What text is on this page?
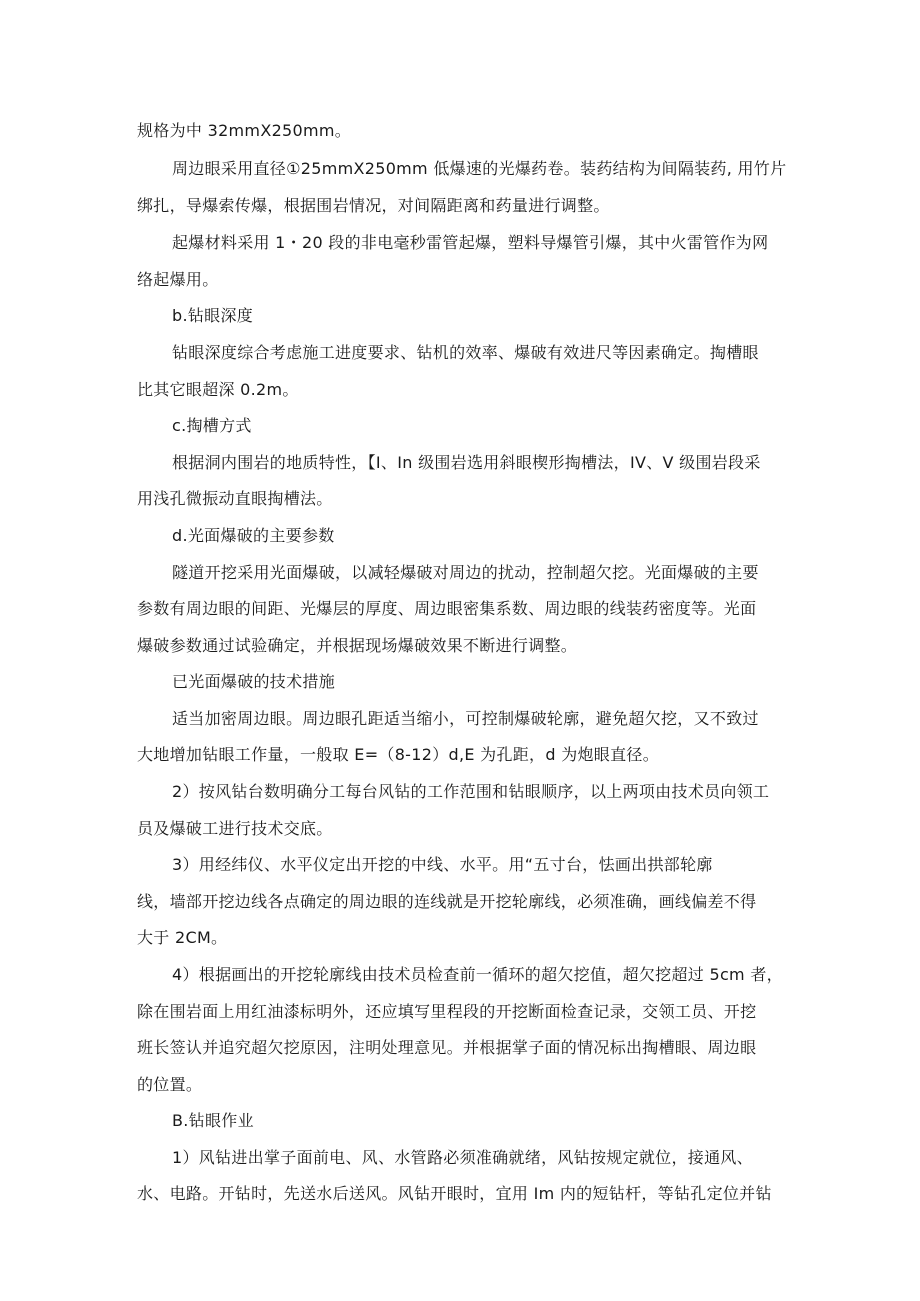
规格为中 32mmX250mm。
周边眼采用直径①25mmX250mm 低爆速的光爆药卷。装药结构为间隔装药, 用竹片
绑扎，导爆索传爆，根据围岩情况，对间隔距离和药量进行调整。
起爆材料采用 1・20 段的非电毫秒雷管起爆，塑料导爆管引爆，其中火雷管作为网
络起爆用。
b.钻眼深度
钻眼深度综合考虑施工进度要求、钻机的效率、爆破有效进尺等因素确定。掏槽眼
比其它眼超深 0.2m。
c.掏槽方式
根据洞内围岩的地质特性，【I、In 级围岩选用斜眼楔形掏槽法，IV、V 级围岩段采
用浅孔微振动直眼掏槽法。
d.光面爆破的主要参数
隧道开挖采用光面爆破，以减轻爆破对周边的扰动，控制超欠挖。光面爆破的主要
参数有周边眼的间距、光爆层的厚度、周边眼密集系数、周边眼的线装药密度等。光面
爆破参数通过试验确定，并根据现场爆破效果不断进行调整。
已光面爆破的技术措施
适当加密周边眼。周边眼孔距适当缩小，可控制爆破轮廓，避免超欠挖，又不致过
大地增加钻眼工作量，一般取 E=（8-12）d,E 为孔距，d 为炮眼直径。
2）按风钻台数明确分工每台风钻的工作范围和钻眼顺序，以上两项由技术员向领工
员及爆破工进行技术交底。
3）用经纬仪、水平仪定出开挖的中线、水平。用“五寸台，怯画出拱部轮廓
线，墙部开挖边线各点确定的周边眼的连线就是开挖轮廓线，必须准确，画线偏差不得
大于 2CM。
4）根据画出的开挖轮廓线由技术员检查前一循环的超欠挖值，超欠挖超过 5cm 者，
除在围岩面上用红油漆标明外，还应填写里程段的开挖断面检查记录，交领工员、开挖
班长签认并追究超欠挖原因，注明处理意见。并根据掌子面的情况标出掏槽眼、周边眼
的位置。
B.钻眼作业
1）风钻进出掌子面前电、风、水管路必须准确就绪，风钻按规定就位，接通风、
水、电路。开钻时，先送水后送风。风钻开眼时，宜用 Im 内的短钻杆，等钻孔定位并钻
